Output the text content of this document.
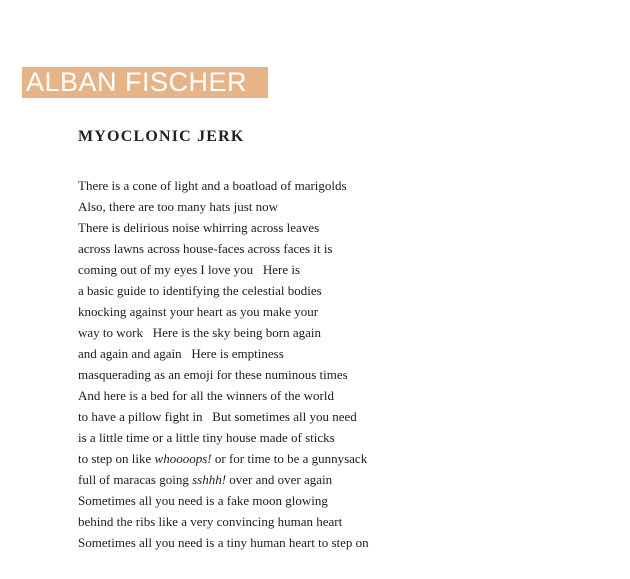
ALBAN FISCHER
MYOCLONIC JERK
There is a cone of light and a boatload of marigolds
Also, there are too many hats just now
There is delirious noise whirring across leaves
across lawns across house-faces across faces it is
coming out of my eyes I love you   Here is
a basic guide to identifying the celestial bodies
knocking against your heart as you make your
way to work   Here is the sky being born again
and again and again   Here is emptiness
masquerading as an emoji for these numinous times
And here is a bed for all the winners of the world
to have a pillow fight in   But sometimes all you need
is a little time or a little tiny house made of sticks
to step on like whoooops! or for time to be a gunnysack
full of maracas going sshhh! over and over again
Sometimes all you need is a fake moon glowing
behind the ribs like a very convincing human heart
Sometimes all you need is a tiny human heart to step on
